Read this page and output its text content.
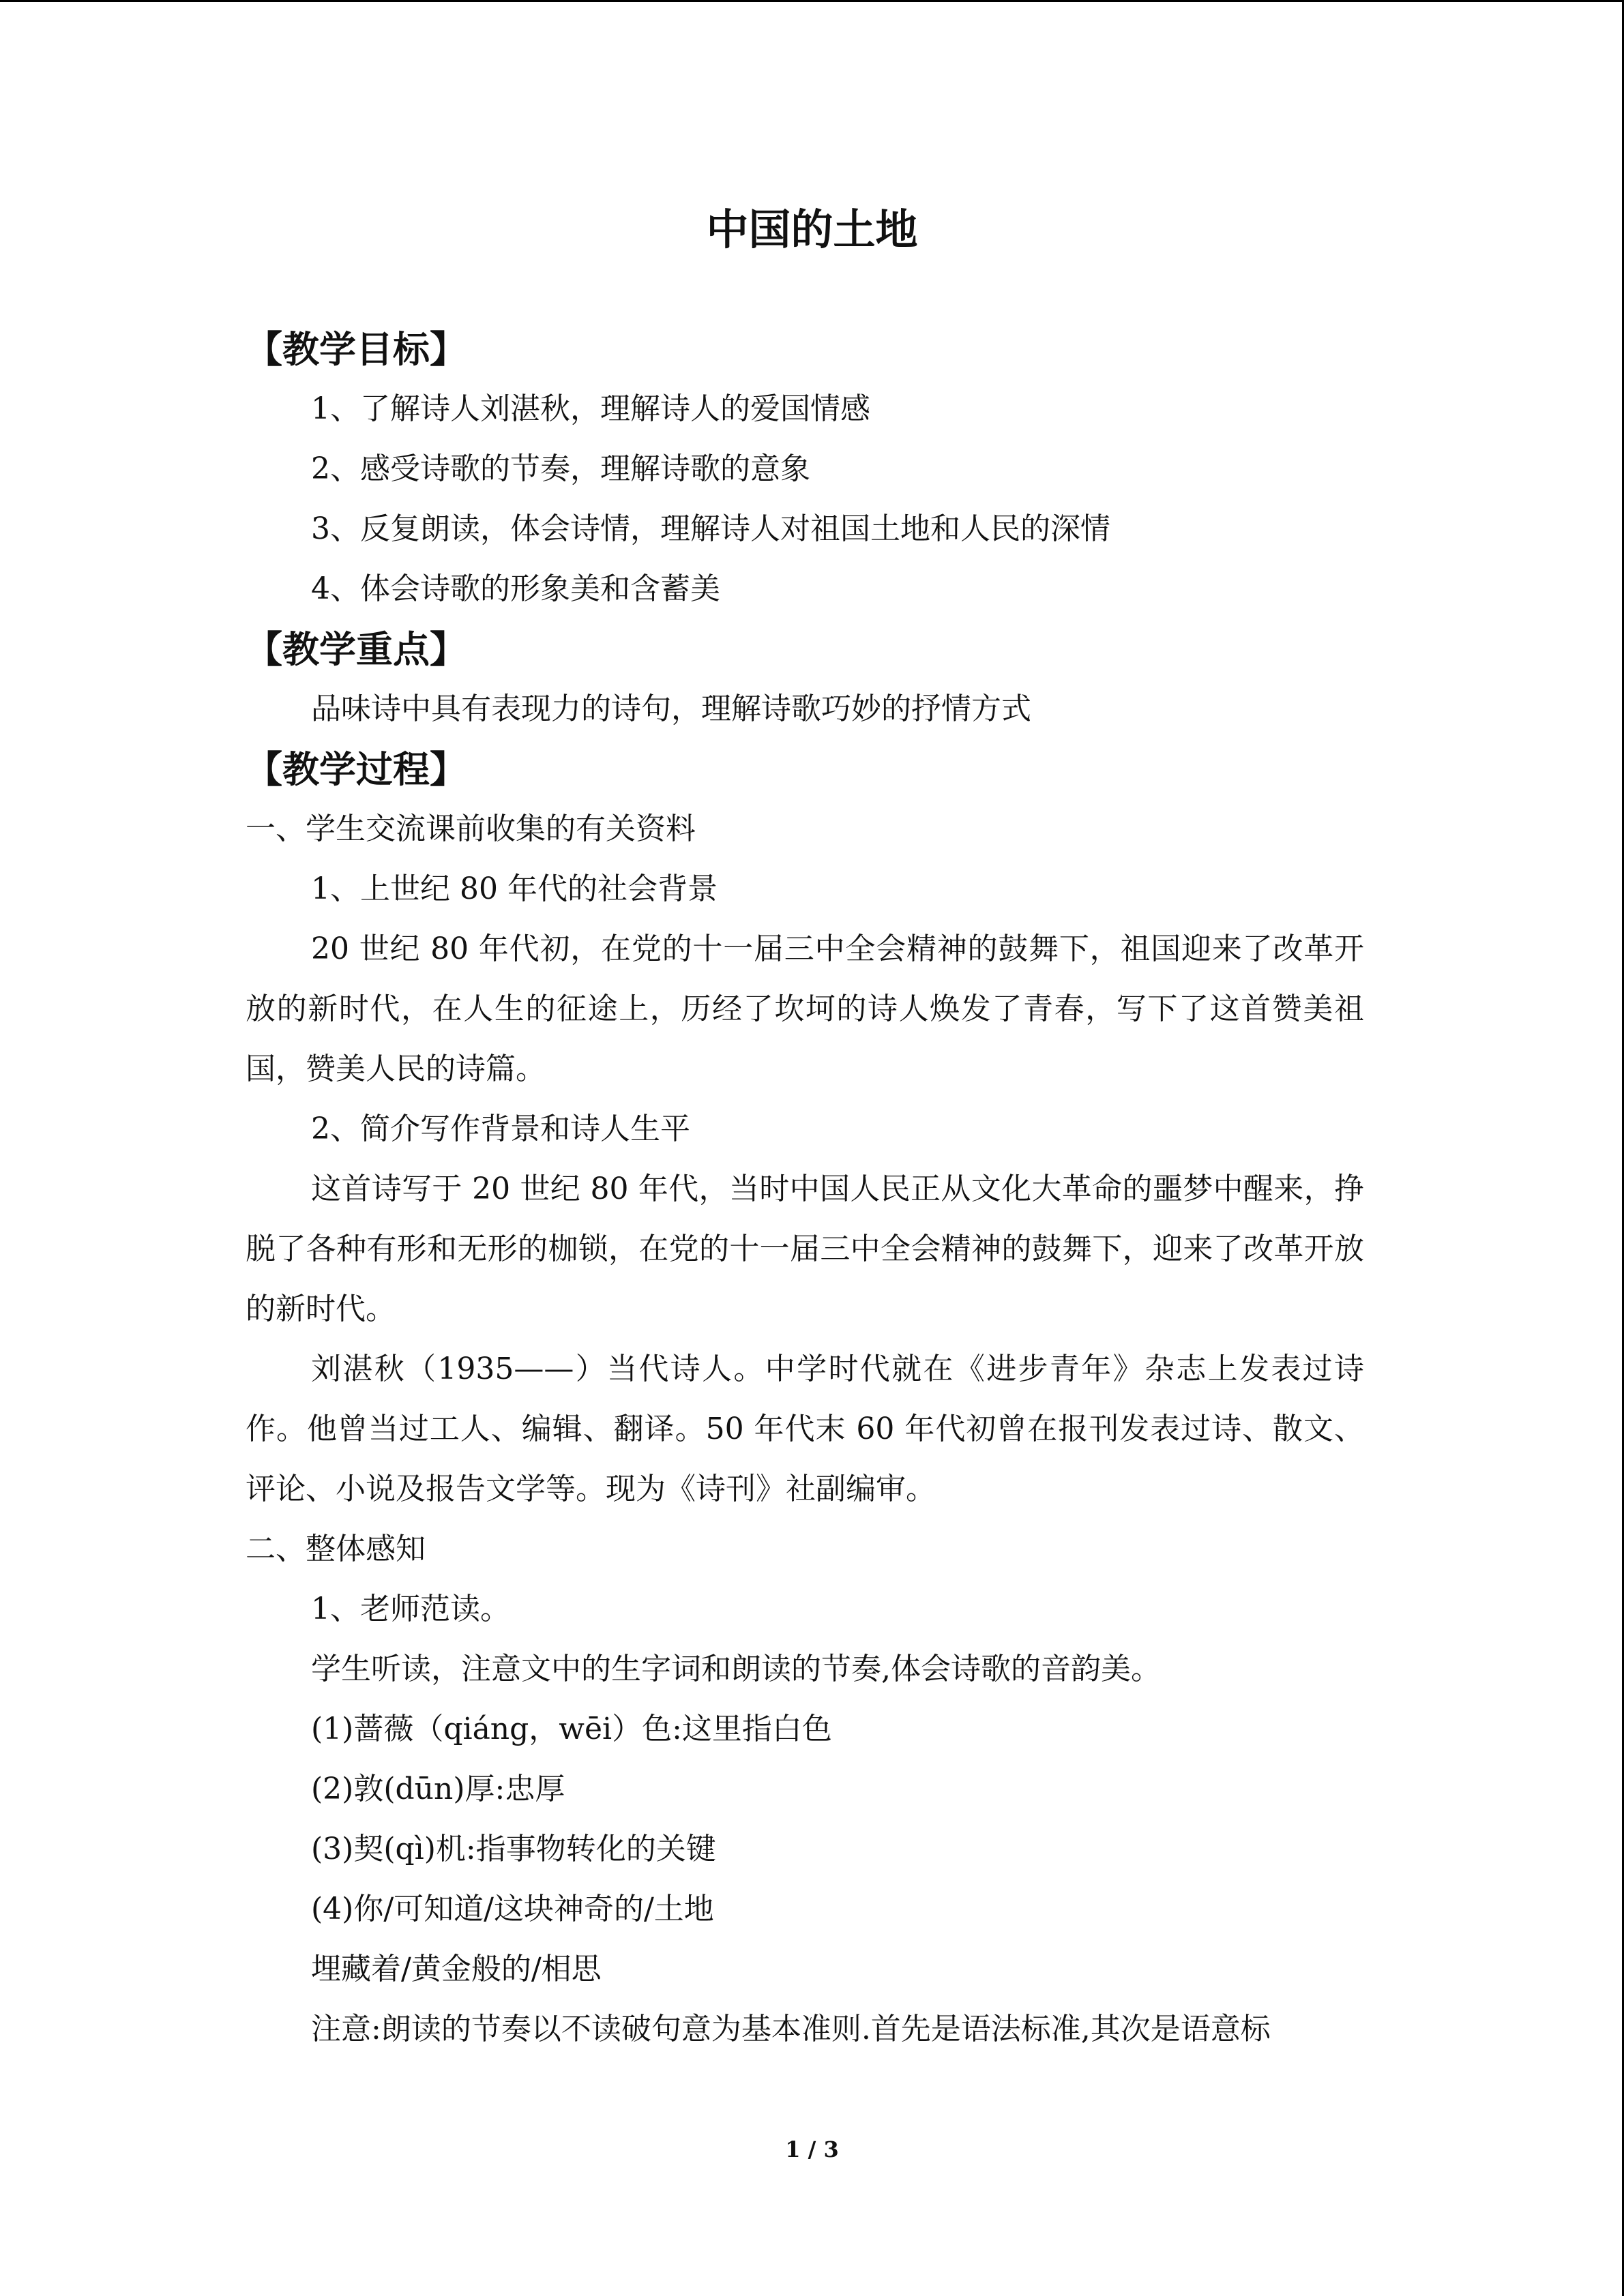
中国的土地
【教学目标】
1、了解诗人刘湛秋，理解诗人的爱国情感
2、感受诗歌的节奏，理解诗歌的意象
3、反复朗读，体会诗情，理解诗人对祖国土地和人民的深情
4、体会诗歌的形象美和含蓄美
【教学重点】
品味诗中具有表现力的诗句，理解诗歌巧妙的抒情方式
【教学过程】
一、学生交流课前收集的有关资料
1、上世纪 80 年代的社会背景

20 世纪 80 年代初，在党的十一届三中全会精神的鼓舞下，祖国迎来了改革开放的新时代，在人生的征途上，历经了坎坷的诗人焕发了青春，写下了这首赞美祖国，赞美人民的诗篇。

2、简介写作背景和诗人生平

这首诗写于 20 世纪 80 年代，当时中国人民正从文化大革命的噩梦中醒来，挣脱了各种有形和无形的枷锁，在党的十一届三中全会精神的鼓舞下，迎来了改革开放的新时代。

刘湛秋（1935——）当代诗人。中学时代就在《进步青年》杂志上发表过诗作。他曾当过工人、编辑、翻译。50 年代末 60 年代初曾在报刊发表过诗、散文、评论、小说及报告文学等。现为《诗刊》社副编审。

二、整体感知
1、老师范读。
学生听读，注意文中的生字词和朗读的节奏,体会诗歌的音韵美。
(1)蔷薇（qiáng，wēi）色:这里指白色
(2)敦(dūn)厚:忠厚
(3)契(qì)机:指事物转化的关键
(4)你/可知道/这块神奇的/土地
埋藏着/黄金般的/相思
注意:朗读的节奏以不读破句意为基本准则.首先是语法标准,其次是语意标
1 / 3
